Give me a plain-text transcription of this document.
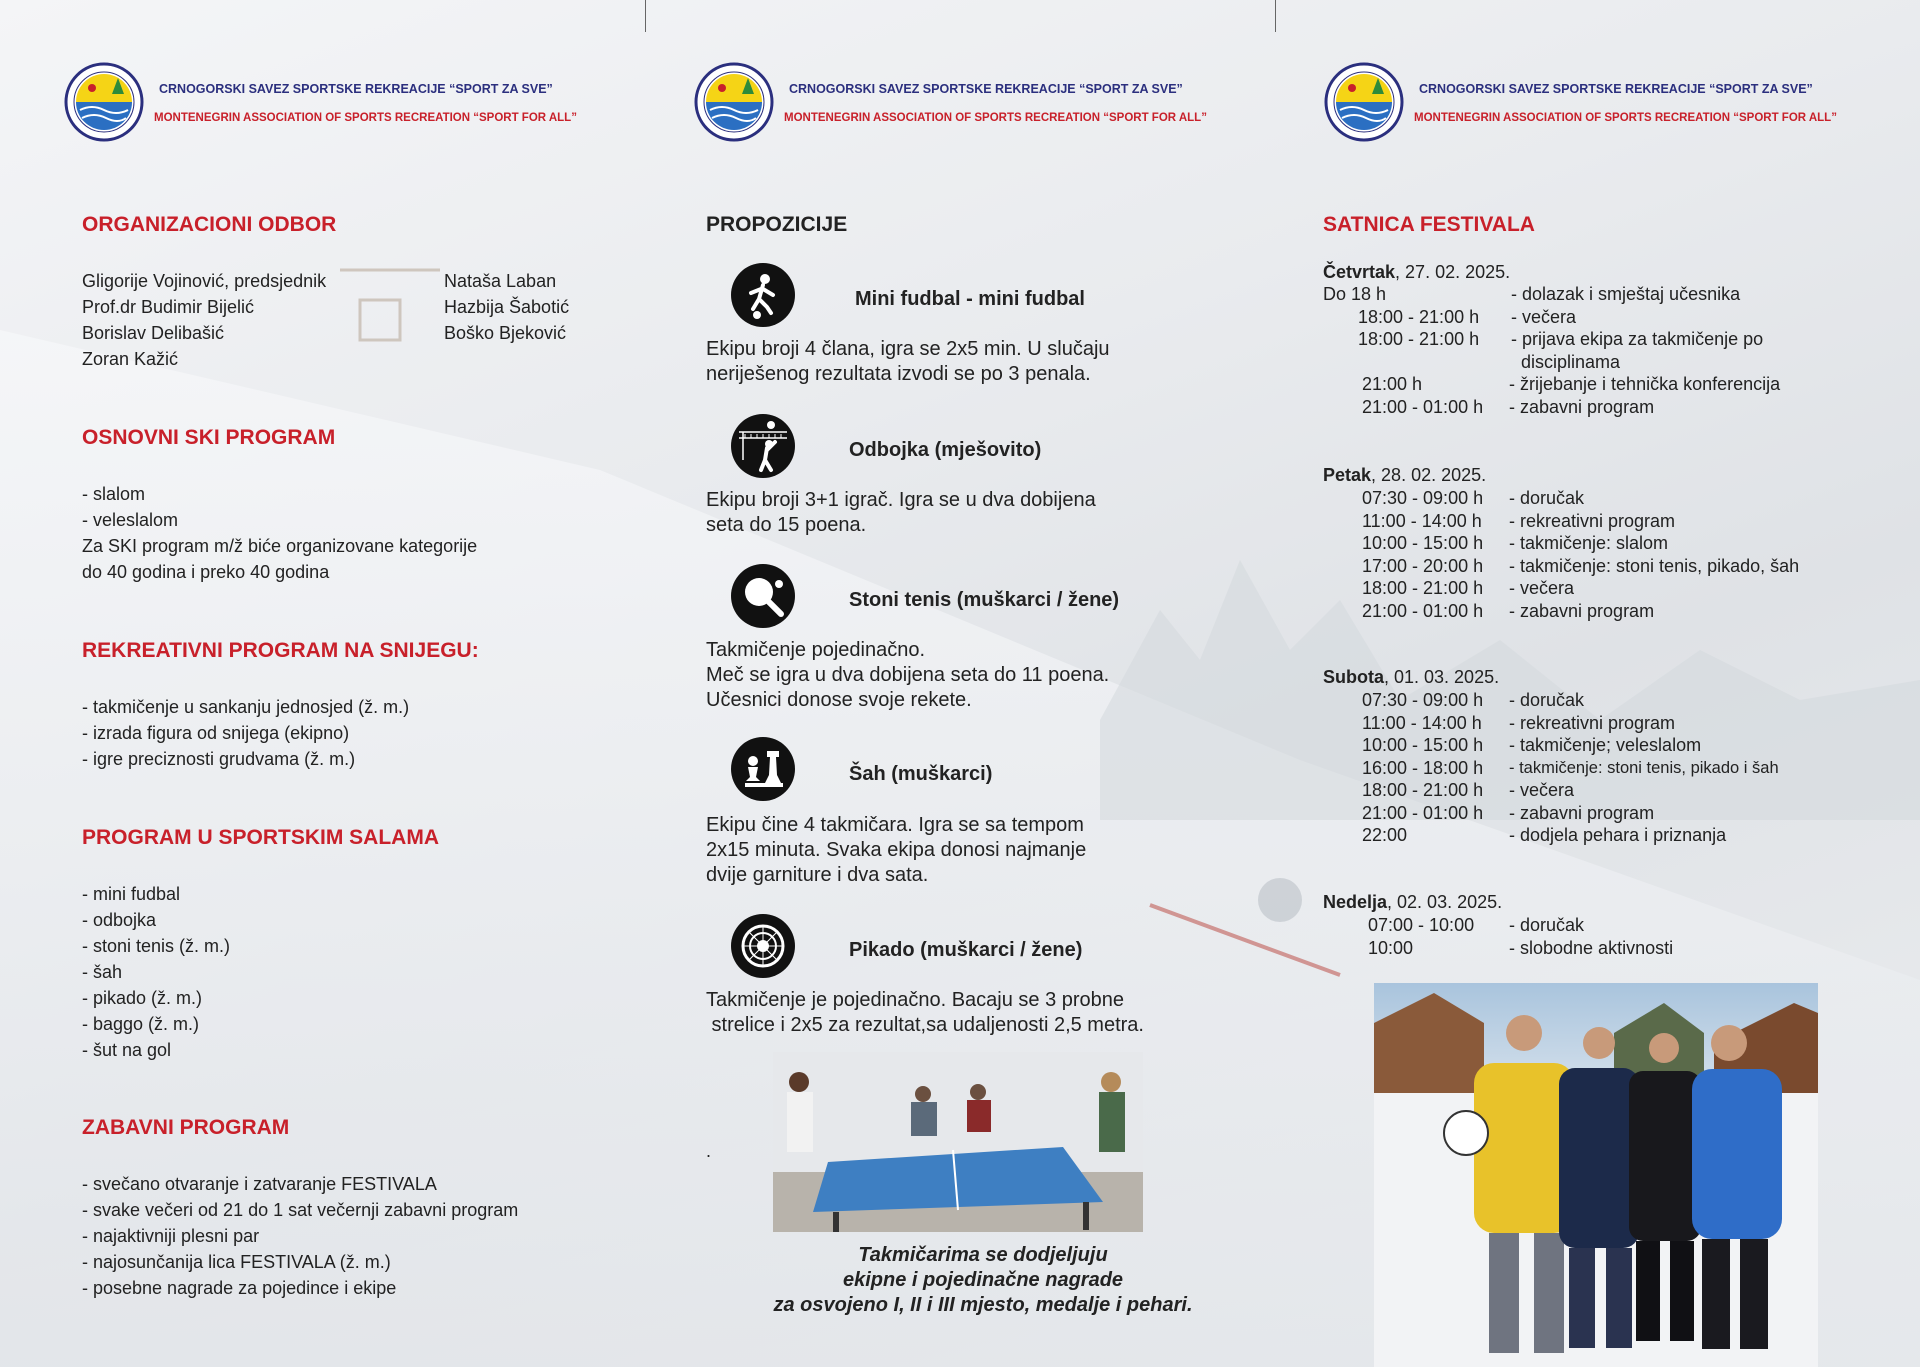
CRNOGORSKI SAVEZ SPORTSKE REKREACIJE “SPORT ZA SVE”
MONTENEGRIN ASSOCIATION OF SPORTS RECREATION “SPORT FOR ALL”
ORGANIZACIONI ODBOR
Gligorije Vojinović, predsjednik
Prof.dr Budimir Bijelić
Borislav Delibašić
Zoran Kažić
Nataša Laban
Hazbija Šabotić
Boško Bjeković
OSNOVNI SKI PROGRAM
- slalom
- veleslalom
Za SKI program m/ž biće organizovane kategorije
do 40 godina i preko 40 godina
REKREATIVNI PROGRAM NA SNIJEGU:
- takmičenje u sankanju jednosjed (ž. m.)
- izrada figura od snijega (ekipno)
- igre preciznosti grudvama (ž. m.)
PROGRAM U SPORTSKIM SALAMA
- mini fudbal
- odbojka
- stoni tenis (ž. m.)
- šah
- pikado (ž. m.)
- baggo (ž. m.)
- šut na gol
ZABAVNI PROGRAM
- svečano otvaranje i zatvaranje FESTIVALA
- svake večeri od 21 do 1 sat večernji zabavni program
- najaktivniji plesni par
- najosunčanija lica FESTIVALA (ž. m.)
- posebne nagrade za pojedince i ekipe
CRNOGORSKI SAVEZ SPORTSKE REKREACIJE “SPORT ZA SVE”
MONTENEGRIN ASSOCIATION OF SPORTS RECREATION “SPORT FOR ALL”
PROPOZICIJE
Mini fudbal - mini fudbal
Ekipu broji 4 člana, igra se 2x5 min. U slučaju
neriješenog rezultata izvodi se po 3 penala.
Odbojka (mješovito)
Ekipu broji 3+1 igrač. Igra se u dva dobijena
seta do 15 poena.
Stoni tenis (muškarci / žene)
Takmičenje pojedinačno.
Meč se igra u dva dobijena seta do 11 poena.
Učesnici donose svoje rekete.
Šah (muškarci)
Ekipu čine 4 takmičara. Igra se sa tempom
2x15 minuta. Svaka ekipa donosi najmanje
dvije garniture i dva sata.
Pikado (muškarci / žene)
Takmičenje je pojedinačno. Bacaju se 3 probne
strelice i 2x5 za rezultat,sa udaljenosti 2,5 metra.
.
Takmičarima se dodjeljuju
ekipne i pojedinačne nagrade
za osvojeno I, II i III mjesto, medalje i pehari.
CRNOGORSKI SAVEZ SPORTSKE REKREACIJE “SPORT ZA SVE”
MONTENEGRIN ASSOCIATION OF SPORTS RECREATION “SPORT FOR ALL”
SATNICA FESTIVALA
Četvrtak, 27. 02. 2025.
Do 18 h	- dolazak i smještaj učesnika
18:00 - 21:00 h - večera
18:00 - 21:00 h - prijava ekipa za takmičenje po
disciplinama
21:00 h	- žrijebanje i tehnička konferencija
21:00 - 01:00 h - zabavni program
Petak, 28. 02. 2025.
07:30 - 09:00 h - doručak
11:00 - 14:00 h - rekreativni program
10:00 - 15:00 h - takmičenje: slalom
17:00 - 20:00 h - takmičenje: stoni tenis, pikado, šah
18:00 - 21:00 h - večera
21:00 - 01:00 h - zabavni program
Subota, 01. 03. 2025.
07:30 - 09:00 h - doručak
11:00 - 14:00 h - rekreativni program
10:00 - 15:00 h - takmičenje; veleslalom
16:00 - 18:00 h - takmičenje: stoni tenis, pikado i šah
18:00 - 21:00 h - večera
21:00 - 01:00 h - zabavni program
22:00	- dodjela pehara i priznanja
Nedelja, 02. 03. 2025.
07:00 - 10:00 - doručak
10:00	- slobodne aktivnosti
